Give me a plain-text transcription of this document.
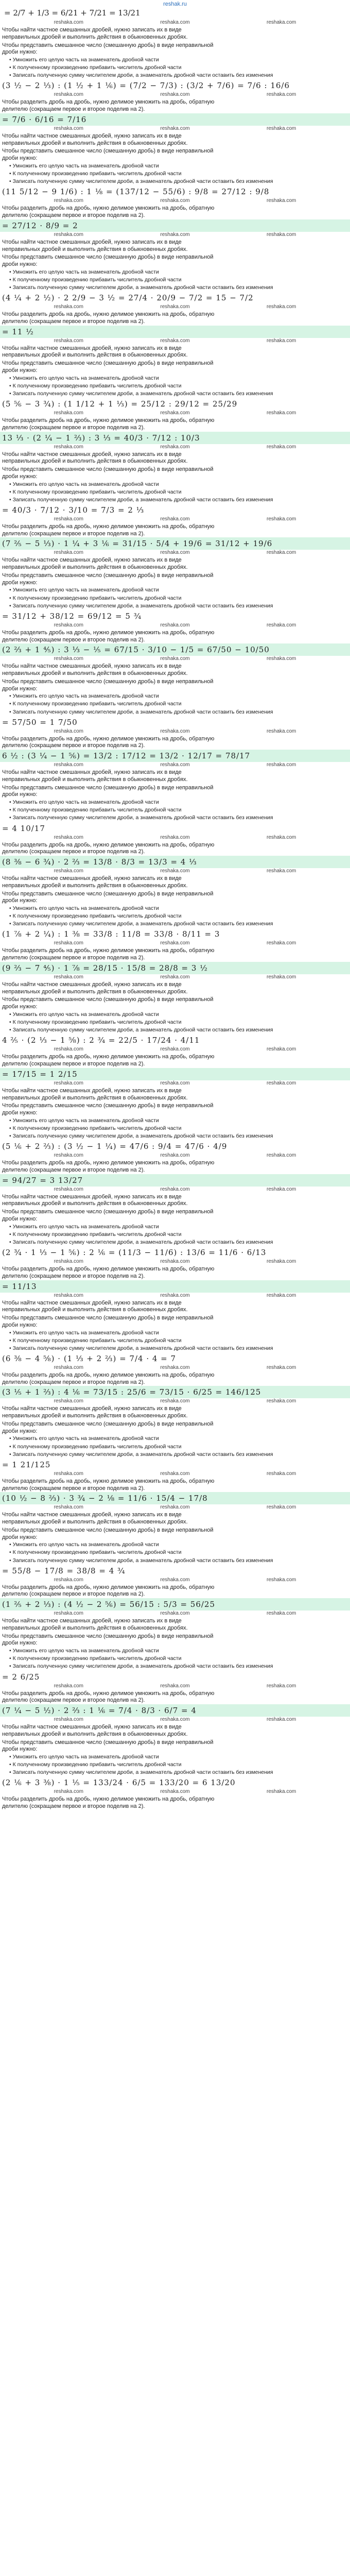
reshak.ru
= 2/7 + 1/3 = 6/21 + 7/21 = 13/21
reshaka.com	reshaka.com	reshaka.com
Чтобы найти частное смешанных дробей, нужно записать их в виде неправильных дробей и выполнить действия в обыкновенных дробях.
Чтобы представить смешанное число (смешанную дробь) в виде неправильной дроби нужно:
• Умножить его целую часть на знаменатель дробной части
• К полученному произведению прибавить числитель дробной части
• Записать полученную сумму числителем дроби, а знаменатель дробной части оставить без изменения
(3 ½ − 2 ⅓) : (1 ½ + 1 ⅙) = (7/2 − 7/3) : (3/2 + 7/6) = 7/6 : 16/6
reshaka.com	reshaka.com	reshaka.com
Чтобы разделить дробь на дробь, нужно делимое умножить на дробь, обратную делителю (сокращаем первое и второе поделив на 2).
= 7/6 · 6/16 = 7/16
reshaka.com	reshaka.com	reshaka.com
Чтобы найти частное смешанных дробей, нужно записать их в виде неправильных дробей и выполнить действия в обыкновенных дробях.
Чтобы представить смешанное число (смешанную дробь) в виде неправильной дроби нужно:
• Умножить его целую часть на знаменатель дробной части
• К полученному произведению прибавить числитель дробной части
• Записать полученную сумму числителем дроби, а знаменатель дробной части оставить без изменения
(11 5/12 − 9 1/6) : 1 ⅛ = (137/12 − 55/6) : 9/8 = 27/12 : 9/8
reshaka.com	reshaka.com	reshaka.com
Чтобы разделить дробь на дробь, нужно делимое умножить на дробь, обратную делителю (сокращаем первое и второе поделив на 2).
= 27/12 · 8/9 = 2
reshaka.com	reshaka.com	reshaka.com
Чтобы найти частное смешанных дробей, нужно записать их в виде неправильных дробей и выполнить действия в обыкновенных дробях.
Чтобы представить смешанное число (смешанную дробь) в виде неправильной дроби нужно:
• Умножить его целую часть на знаменатель дробной части
• К полученному произведению прибавить числитель дробной части
• Записать полученную сумму числителем дроби, а знаменатель дробной части оставить без изменения
(4 ¼ + 2 ½) · 2 2/9 − 3 ½ = 27/4 · 20/9 − 7/2 = 15 − 7/2
reshaka.com	reshaka.com	reshaka.com
Чтобы разделить дробь на дробь, нужно делимое умножить на дробь, обратную делителю (сокращаем первое и второе поделив на 2).
= 11 ½
reshaka.com	reshaka.com	reshaka.com
Чтобы найти частное смешанных дробей, нужно записать их в виде неправильных дробей и выполнить действия в обыкновенных дробях.
Чтобы представить смешанное число (смешанную дробь) в виде неправильной дроби нужно:
• Умножить его целую часть на знаменатель дробной части
• К полученному произведению прибавить числитель дробной части
• Записать полученную сумму числителем дроби, а знаменатель дробной части оставить без изменения
(5 ⅚ − 3 ¾) : (1 1/12 + 1 ⅓) = 25/12 : 29/12 = 25/29
reshaka.com	reshaka.com	reshaka.com
Чтобы разделить дробь на дробь, нужно делимое умножить на дробь, обратную делителю (сокращаем первое и второе поделив на 2).
13 ⅓ · (2 ¼ − 1 ⅔) : 3 ⅓ = 40/3 · 7/12 : 10/3
reshaka.com	reshaka.com	reshaka.com
Чтобы найти частное смешанных дробей, нужно записать их в виде неправильных дробей и выполнить действия в обыкновенных дробях.
Чтобы представить смешанное число (смешанную дробь) в виде неправильной дроби нужно:
• Умножить его целую часть на знаменатель дробной части
• К полученному произведению прибавить числитель дробной части
• Записать полученную сумму числителем дроби, а знаменатель дробной части оставить без изменения
= 40/3 · 7/12 · 3/10 = 7/3 = 2 ⅓
reshaka.com	reshaka.com	reshaka.com
Чтобы разделить дробь на дробь, нужно делимое умножить на дробь, обратную делителю (сокращаем первое и второе поделив на 2).
(7 ⅖ − 5 ⅓) · 1 ¼ + 3 ⅙ = 31/15 · 5/4 + 19/6 = 31/12 + 19/6
reshaka.com	reshaka.com	reshaka.com
Чтобы найти частное смешанных дробей, нужно записать их в виде неправильных дробей и выполнить действия в обыкновенных дробях.
Чтобы представить смешанное число (смешанную дробь) в виде неправильной дроби нужно:
• Умножить его целую часть на знаменатель дробной части
• К полученному произведению прибавить числитель дробной части
• Записать полученную сумму числителем дроби, а знаменатель дробной части оставить без изменения
= 31/12 + 38/12 = 69/12 = 5 ¾
reshaka.com	reshaka.com	reshaka.com
Чтобы разделить дробь на дробь, нужно делимое умножить на дробь, обратную делителю (сокращаем первое и второе поделив на 2).
(2 ⅔ + 1 ⅘) : 3 ⅓ − ⅕ = 67/15 · 3/10 − 1/5 = 67/50 − 10/50
reshaka.com	reshaka.com	reshaka.com
Чтобы найти частное смешанных дробей, нужно записать их в виде неправильных дробей и выполнить действия в обыкновенных дробях.
Чтобы представить смешанное число (смешанную дробь) в виде неправильной дроби нужно:
• Умножить его целую часть на знаменатель дробной части
• К полученному произведению прибавить числитель дробной части
• Записать полученную сумму числителем дроби, а знаменатель дробной части оставить без изменения
= 57/50 = 1 7/50
reshaka.com	reshaka.com	reshaka.com
Чтобы разделить дробь на дробь, нужно делимое умножить на дробь, обратную делителю (сокращаем первое и второе поделив на 2).
6 ½ : (3 ¼ − 1 ⅚) = 13/2 : 17/12 = 13/2 · 12/17 = 78/17
reshaka.com	reshaka.com	reshaka.com
Чтобы найти частное смешанных дробей, нужно записать их в виде неправильных дробей и выполнить действия в обыкновенных дробях.
Чтобы представить смешанное число (смешанную дробь) в виде неправильной дроби нужно:
• Умножить его целую часть на знаменатель дробной части
• К полученному произведению прибавить числитель дробной части
• Записать полученную сумму числителем дроби, а знаменатель дробной части оставить без изменения
= 4 10/17
reshaka.com	reshaka.com	reshaka.com
Чтобы разделить дробь на дробь, нужно делимое умножить на дробь, обратную делителю (сокращаем первое и второе поделив на 2).
(8 ⅜ − 6 ¾) · 2 ⅔ = 13/8 · 8/3 = 13/3 = 4 ⅓
reshaka.com	reshaka.com	reshaka.com
Чтобы найти частное смешанных дробей, нужно записать их в виде неправильных дробей и выполнить действия в обыкновенных дробях.
Чтобы представить смешанное число (смешанную дробь) в виде неправильной дроби нужно:
• Умножить его целую часть на знаменатель дробной части
• К полученному произведению прибавить числитель дробной части
• Записать полученную сумму числителем дроби, а знаменатель дробной части оставить без изменения
(1 ⅞ + 2 ¼) : 1 ⅜ = 33/8 : 11/8 = 33/8 · 8/11 = 3
reshaka.com	reshaka.com	reshaka.com
Чтобы разделить дробь на дробь, нужно делимое умножить на дробь, обратную делителю (сокращаем первое и второе поделив на 2).
(9 ⅔ − 7 ⅘) · 1 ⅞ = 28/15 · 15/8 = 28/8 = 3 ½
reshaka.com	reshaka.com	reshaka.com
Чтобы найти частное смешанных дробей, нужно записать их в виде неправильных дробей и выполнить действия в обыкновенных дробях.
Чтобы представить смешанное число (смешанную дробь) в виде неправильной дроби нужно:
• Умножить его целую часть на знаменатель дробной части
• К полученному произведению прибавить числитель дробной части
• Записать полученную сумму числителем дроби, а знаменатель дробной части оставить без изменения
4 ⅖ · (2 ⅓ − 1 ⅝) : 2 ¾ = 22/5 · 17/24 · 4/11
reshaka.com	reshaka.com	reshaka.com
Чтобы разделить дробь на дробь, нужно делимое умножить на дробь, обратную делителю (сокращаем первое и второе поделив на 2).
= 17/15 = 1 2/15
reshaka.com	reshaka.com	reshaka.com
Чтобы найти частное смешанных дробей, нужно записать их в виде неправильных дробей и выполнить действия в обыкновенных дробях.
Чтобы представить смешанное число (смешанную дробь) в виде неправильной дроби нужно:
• Умножить его целую часть на знаменатель дробной части
• К полученному произведению прибавить числитель дробной части
• Записать полученную сумму числителем дроби, а знаменатель дробной части оставить без изменения
(5 ⅙ + 2 ⅔) : (3 ½ − 1 ¼) = 47/6 : 9/4 = 47/6 · 4/9
reshaka.com	reshaka.com	reshaka.com
Чтобы разделить дробь на дробь, нужно делимое умножить на дробь, обратную делителю (сокращаем первое и второе поделив на 2).
= 94/27 = 3 13/27
reshaka.com	reshaka.com	reshaka.com
Чтобы найти частное смешанных дробей, нужно записать их в виде неправильных дробей и выполнить действия в обыкновенных дробях.
Чтобы представить смешанное число (смешанную дробь) в виде неправильной дроби нужно:
• Умножить его целую часть на знаменатель дробной части
• К полученному произведению прибавить числитель дробной части
• Записать полученную сумму числителем дроби, а знаменатель дробной части оставить без изменения
(2 ¾ · 1 ⅓ − 1 ⅚) : 2 ⅙ = (11/3 − 11/6) : 13/6 = 11/6 · 6/13
reshaka.com	reshaka.com	reshaka.com
Чтобы разделить дробь на дробь, нужно делимое умножить на дробь, обратную делителю (сокращаем первое и второе поделив на 2).
= 11/13
reshaka.com	reshaka.com	reshaka.com
Чтобы найти частное смешанных дробей, нужно записать их в виде неправильных дробей и выполнить действия в обыкновенных дробях.
Чтобы представить смешанное число (смешанную дробь) в виде неправильной дроби нужно:
• Умножить его целую часть на знаменатель дробной части
• К полученному произведению прибавить числитель дробной части
• Записать полученную сумму числителем дроби, а знаменатель дробной части оставить без изменения
(6 ⅜ − 4 ⅝) · (1 ⅓ + 2 ⅔) = 7/4 · 4 = 7
reshaka.com	reshaka.com	reshaka.com
Чтобы разделить дробь на дробь, нужно делимое умножить на дробь, обратную делителю (сокращаем первое и второе поделив на 2).
(3 ⅕ + 1 ⅔) : 4 ⅙ = 73/15 : 25/6 = 73/15 · 6/25 = 146/125
reshaka.com	reshaka.com	reshaka.com
Чтобы найти частное смешанных дробей, нужно записать их в виде неправильных дробей и выполнить действия в обыкновенных дробях.
Чтобы представить смешанное число (смешанную дробь) в виде неправильной дроби нужно:
• Умножить его целую часть на знаменатель дробной части
• К полученному произведению прибавить числитель дробной части
• Записать полученную сумму числителем дроби, а знаменатель дробной части оставить без изменения
= 1 21/125
reshaka.com	reshaka.com	reshaka.com
Чтобы разделить дробь на дробь, нужно делимое умножить на дробь, обратную делителю (сокращаем первое и второе поделив на 2).
(10 ½ − 8 ⅔) · 3 ¾ − 2 ⅛ = 11/6 · 15/4 − 17/8
reshaka.com	reshaka.com	reshaka.com
Чтобы найти частное смешанных дробей, нужно записать их в виде неправильных дробей и выполнить действия в обыкновенных дробях.
Чтобы представить смешанное число (смешанную дробь) в виде неправильной дроби нужно:
• Умножить его целую часть на знаменатель дробной части
• К полученному произведению прибавить числитель дробной части
• Записать полученную сумму числителем дроби, а знаменатель дробной части оставить без изменения
= 55/8 − 17/8 = 38/8 = 4 ¾
reshaka.com	reshaka.com	reshaka.com
Чтобы разделить дробь на дробь, нужно делимое умножить на дробь, обратную делителю (сокращаем первое и второе поделив на 2).
(1 ⅖ + 2 ⅓) : (4 ½ − 2 ⅚) = 56/15 : 5/3 = 56/25
reshaka.com	reshaka.com	reshaka.com
Чтобы найти частное смешанных дробей, нужно записать их в виде неправильных дробей и выполнить действия в обыкновенных дробях.
Чтобы представить смешанное число (смешанную дробь) в виде неправильной дроби нужно:
• Умножить его целую часть на знаменатель дробной части
• К полученному произведению прибавить числитель дробной части
• Записать полученную сумму числителем дроби, а знаменатель дробной части оставить без изменения
= 2 6/25
reshaka.com	reshaka.com	reshaka.com
Чтобы разделить дробь на дробь, нужно делимое умножить на дробь, обратную делителю (сокращаем первое и второе поделив на 2).
(7 ¼ − 5 ½) · 2 ⅔ : 1 ⅙ = 7/4 · 8/3 · 6/7 = 4
reshaka.com	reshaka.com	reshaka.com
Чтобы найти частное смешанных дробей, нужно записать их в виде неправильных дробей и выполнить действия в обыкновенных дробях.
Чтобы представить смешанное число (смешанную дробь) в виде неправильной дроби нужно:
• Умножить его целую часть на знаменатель дробной части
• К полученному произведению прибавить числитель дробной части
• Записать полученную сумму числителем дроби, а знаменатель дробной части оставить без изменения
(2 ⅙ + 3 ⅜) · 1 ⅕ = 133/24 · 6/5 = 133/20 = 6 13/20
reshaka.com	reshaka.com	reshaka.com
Чтобы разделить дробь на дробь, нужно делимое умножить на дробь, обратную делителю (сокращаем первое и второе поделив на 2).
